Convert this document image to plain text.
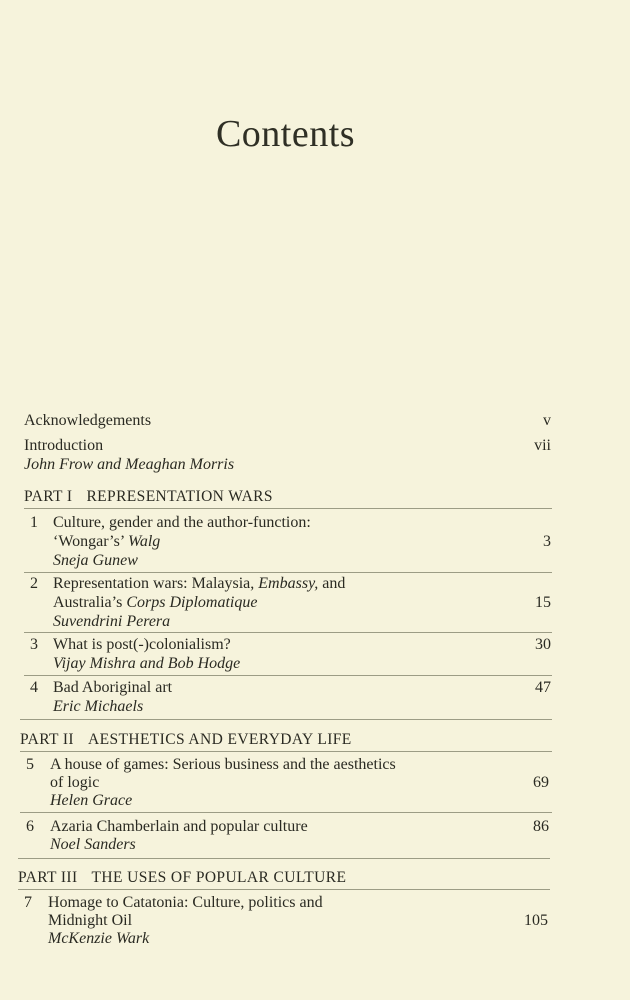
Contents
Acknowledgements	v
Introduction
John Frow and Meaghan Morris
vii
PART I REPRESENTATION WARS
1 Culture, gender and the author-function:
‘Wongar’s’ Walg
Sneja Gunew
3
2 Representation wars: Malaysia, Embassy, and
Australia’s Corps Diplomatique
Suvendrini Perera
15
3 What is post(-)colonialism?
Vijay Mishra and Bob Hodge
30
4 Bad Aboriginal art
Eric Michaels
47
PART II AESTHETICS AND EVERYDAY LIFE
5 A house of games: Serious business and the aesthetics
of logic
Helen Grace
69
6 Azaria Chamberlain and popular culture
Noel Sanders
86
PART III THE USES OF POPULAR CULTURE
7 Homage to Catatonia: Culture, politics and
Midnight Oil
McKenzie Wark
105
